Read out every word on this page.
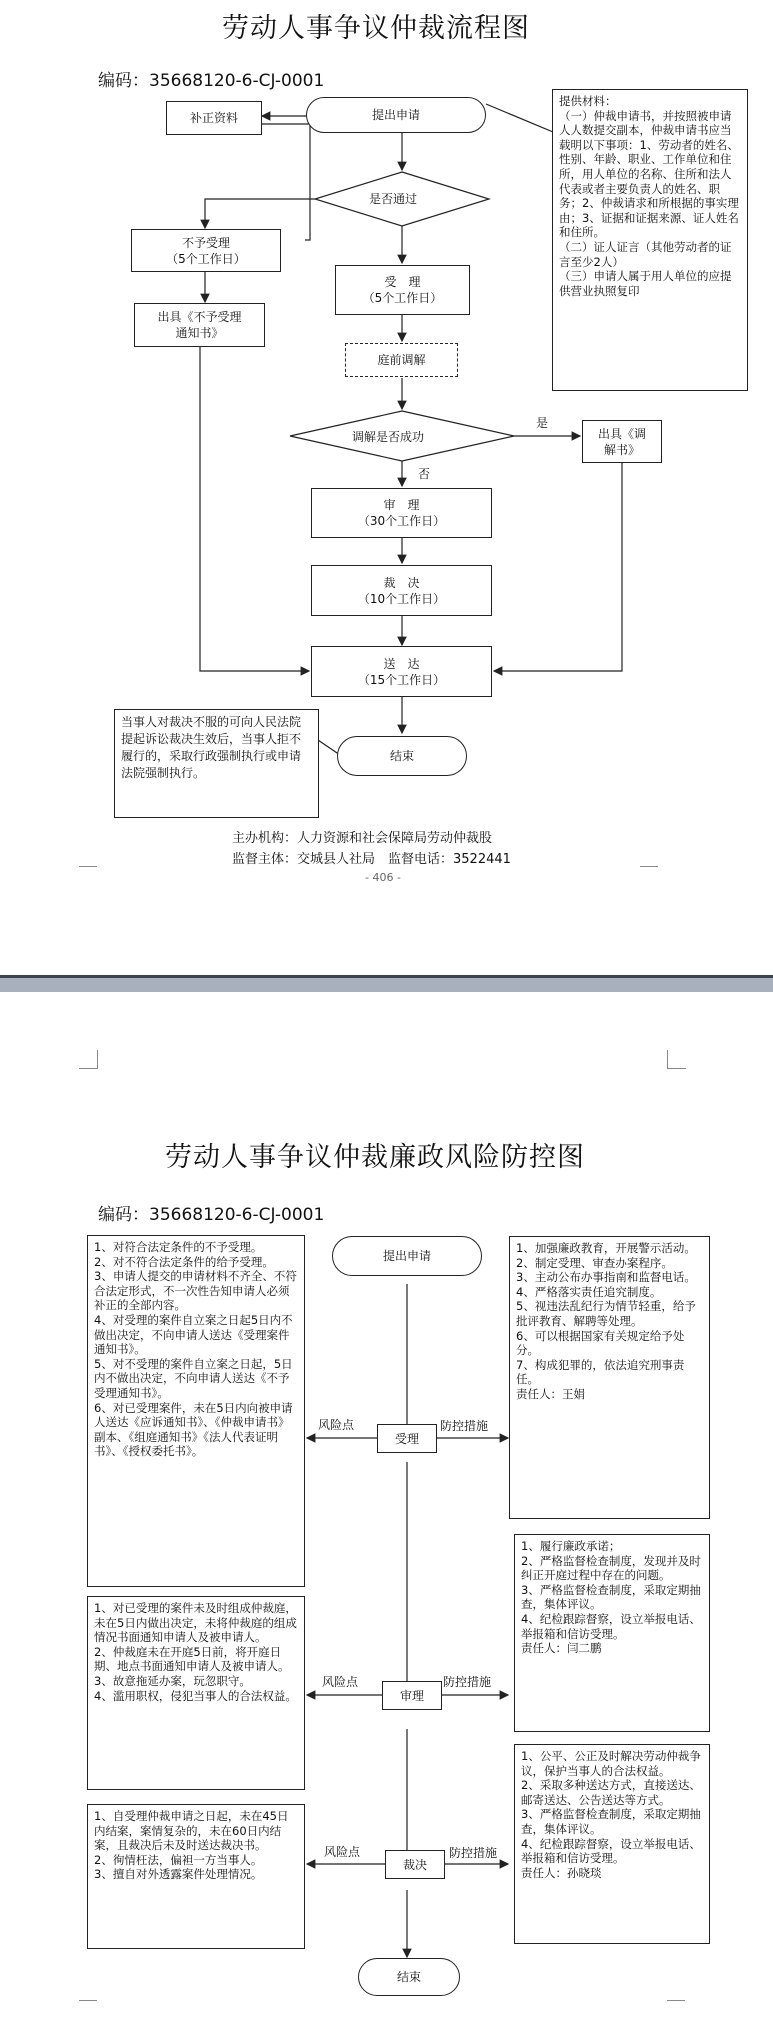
劳动人事争议仲裁流程图
编码：35668120-6-CJ-0001
补正资料	提出申请
是否通过
不予受理
（5个工作日）
出具《不予受理
通知书》
受　理
（5个工作日）
庭前调解
调解是否成功
是
否
出具《调
解书》
审　理
（30个工作日）
裁　决
（10个工作日）
送　达
（15个工作日）
结束
提供材料：
（一）仲裁申请书，并按照被申请人人数提交副本，仲裁申请书应当载明以下事项：1、劳动者的姓名、性别、年龄、职业、工作单位和住所，用人单位的名称、住所和法人代表或者主要负责人的姓名、职务；2、仲裁请求和所根据的事实理由；3、证据和证据来源、证人姓名和住所。
（二）证人证言（其他劳动者的证言至少2人）
（三）申请人属于用人单位的应提供营业执照复印
当事人对裁决不服的可向人民法院提起诉讼裁决生效后，当事人拒不履行的，采取行政强制执行或申请法院强制执行。
主办机构：人力资源和社会保障局劳动仲裁股
监督主体：交城县人社局　监督电话：3522441
- 406 -
劳动人事争议仲裁廉政风险防控图
编码：35668120-6-CJ-0001
提出申请
受理
审理
裁决
结束
风险点	防控措施
风险点	防控措施
风险点	防控措施
1、对符合法定条件的不予受理。
2、对不符合法定条件的给予受理。
3、申请人提交的申请材料不齐全、不符合法定形式，不一次性告知申请人必须补正的全部内容。
4、对受理的案件自立案之日起5日内不做出决定，不向申请人送达《受理案件通知书》。
5、对不受理的案件自立案之日起，5日内不做出决定，不向申请人送达《不予受理通知书》。
6、对已受理案件，未在5日内向被申请人送达《应诉通知书》、《仲裁申请书》副本、《组庭通知书》《法人代表证明书》、《授权委托书》。
1、加强廉政教育，开展警示活动。
2、制定受理、审查办案程序。
3、主动公布办事指南和监督电话。
4、严格落实责任追究制度。
5、视违法乱纪行为情节轻重，给予批评教育、解聘等处理。
6、可以根据国家有关规定给予处分。
7、构成犯罪的，依法追究刑事责任。
责任人：王娟
1、对已受理的案件未及时组成仲裁庭，未在5日内做出决定，未将仲裁庭的组成情况书面通知申请人及被申请人。
2、仲裁庭未在开庭5日前，将开庭日期、地点书面通知申请人及被申请人。
3、故意拖延办案，玩忽职守。
4、滥用职权，侵犯当事人的合法权益。
1、履行廉政承诺；
2、严格监督检查制度，发现并及时纠正开庭过程中存在的问题。
3、严格监督检查制度，采取定期抽查，集体评议。
4、纪检跟踪督察，设立举报电话、举报箱和信访受理。
责任人：闫二鹏
1、自受理仲裁申请之日起，未在45日内结案，案情复杂的，未在60日内结案，且裁决后未及时送达裁决书。
2、徇情枉法，偏袒一方当事人。
3、擅自对外透露案件处理情况。
1、公平、公正及时解决劳动仲裁争议，保护当事人的合法权益。
2、采取多种送达方式，直接送达、邮寄送达、公告送达等方式。
3、严格监督检查制度，采取定期抽查，集体评议。
4、纪检跟踪督察，设立举报电话、举报箱和信访受理。
责任人：孙晓琰
